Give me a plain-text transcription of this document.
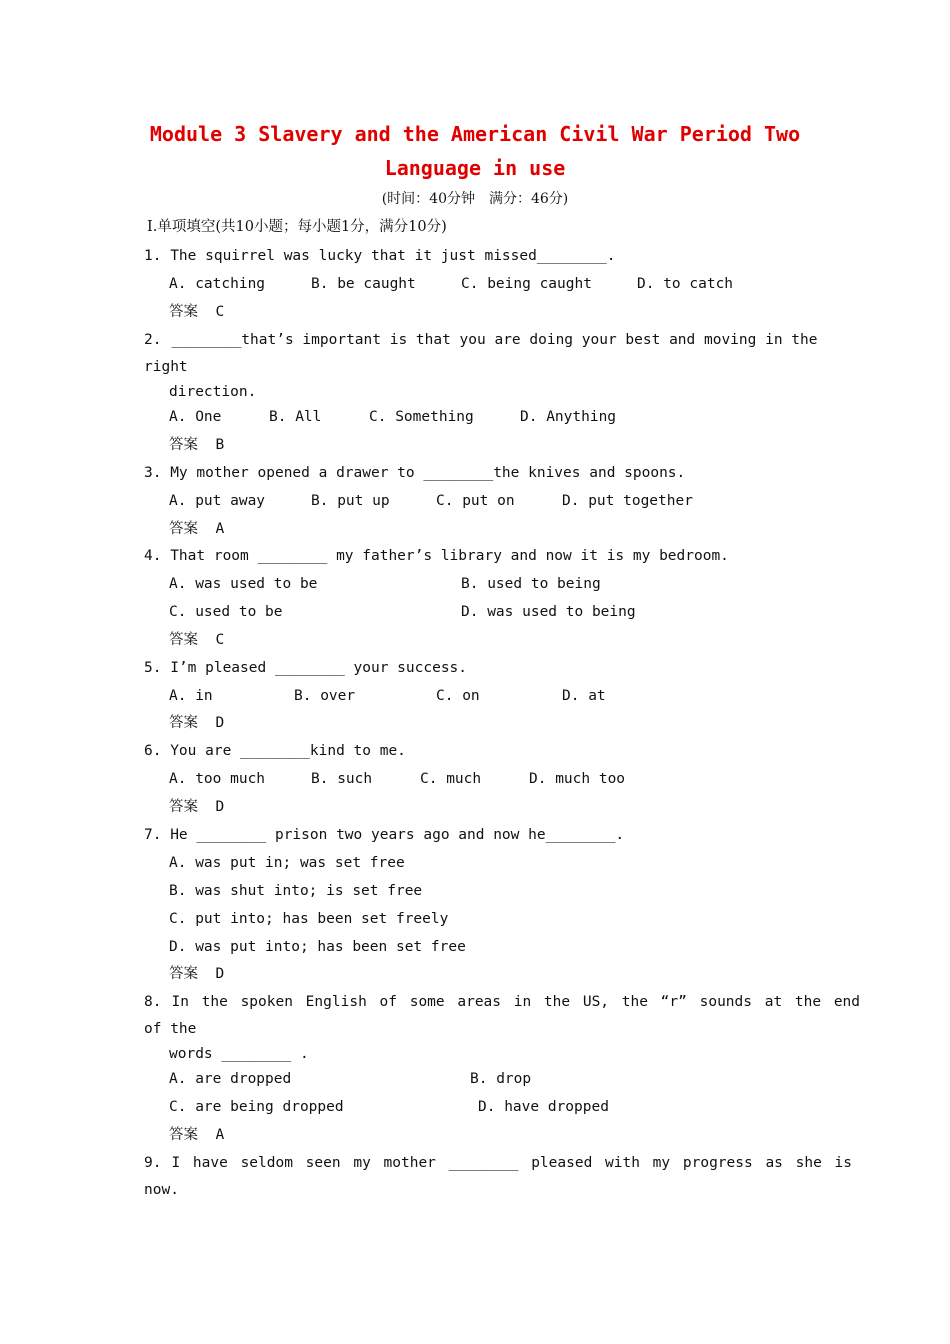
Module 3 Slavery and the American Civil War Period Two
Language in use
(时间：40分钟　满分：46分)
Ⅰ.单项填空(共10小题；每小题1分，满分10分)
1. The squirrel was lucky that it just missed________.
A. catching	B. be caught	C. being caught	D. to catch
答案 C
2. ________that’s important is that you are doing your best and moving in the
right
direction.
A. One	B. All	C. Something	D. Anything
答案 B
3. My mother opened a drawer to ________the knives and spoons.
A. put away	B. put up	C. put on	D. put together
答案 A
4. That room ________ my father’s library and now it is my bedroom.
A. was used to be	B. used to being
C. used to be	D. was used to being
答案 C
5. I’m pleased ________ your success.
A. in	B. over	C. on	D. at
答案 D
6. You are ________kind to me.
A. too much	B. such	C. much	D. much too
答案 D
7. He ________ prison two years ago and now he________.
A. was put in; was set free
B. was shut into; is set free
C. put into; has been set freely
D. was put into; has been set free
答案 D
8. In the spoken English of some areas in the US, the “r” sounds at the end
of the
words ________ .
A. are dropped	B. drop
C. are being dropped	D. have dropped
答案 A
9. I have seldom seen my mother ________ pleased with my progress as she is
now.
